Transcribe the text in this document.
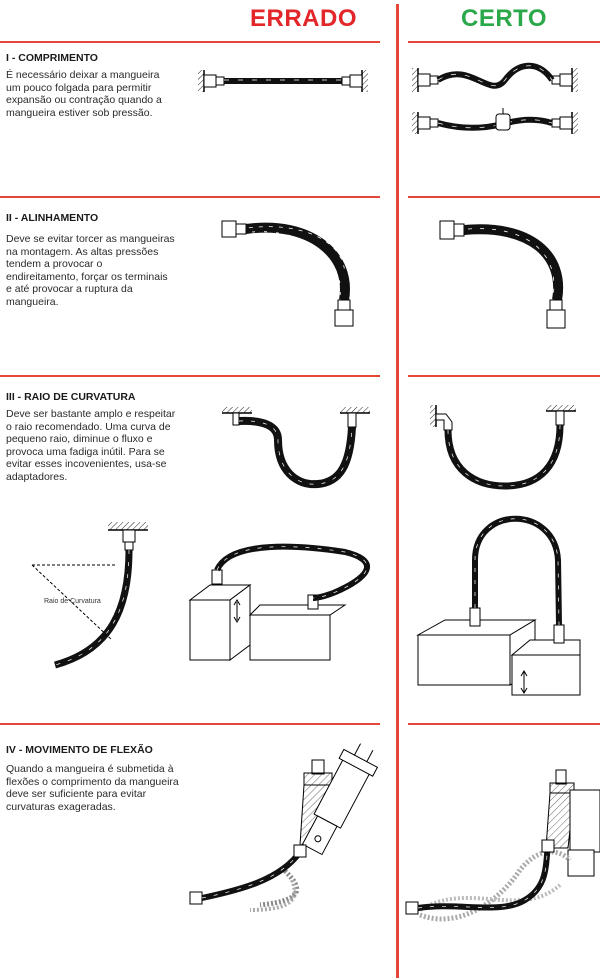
ERRADO	CERTO
I - COMPRIMENTO
É necessário deixar a mangueira
um pouco folgada para permitir
expansão ou contração quando a
mangueira estiver sob pressão.
II - ALINHAMENTO
Deve se evitar torcer as mangueiras
na montagem. As altas pressões
tendem a provocar o
endireitamento, forçar os terminais
e até provocar a ruptura da
mangueira.
III - RAIO DE CURVATURA
Deve ser bastante amplo e respeitar
o raio recomendado. Uma curva de
pequeno raio, diminue o fluxo e
provoca uma fadiga inútil. Para se
evitar esses incovenientes, usa-se
adaptadores.
Raio de Curvatura
IV - MOVIMENTO DE FLEXÃO
Quando a mangueira é submetida à
flexões o comprimento da mangueira
deve ser suficiente para evitar
curvaturas exageradas.
